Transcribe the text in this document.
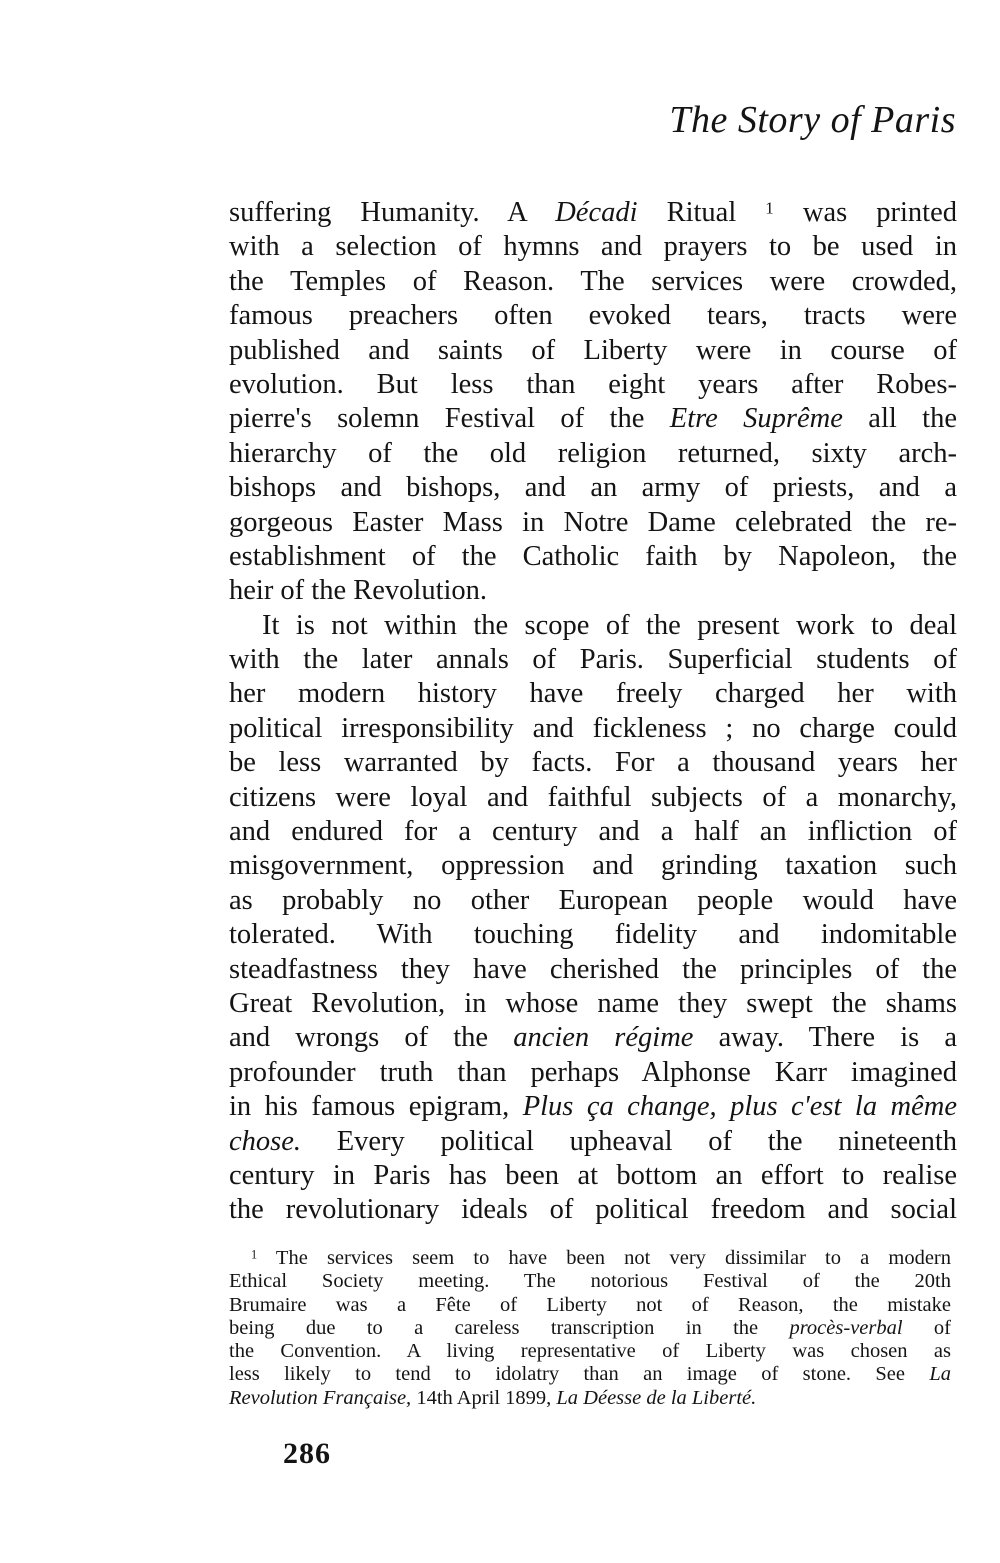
The Story of Paris
suffering Humanity. A Décadi Ritual $^1$ was printed
with a selection of hymns and prayers to be used in
the Temples of Reason. The services were crowded,
famous preachers often evoked tears, tracts were
published and saints of Liberty were in course of
evolution. But less than eight years after Robes-
pierre's solemn Festival of the Etre Suprême all the
hierarchy of the old religion returned, sixty arch-
bishops and bishops, and an army of priests, and a
gorgeous Easter Mass in Notre Dame celebrated the re-
establishment of the Catholic faith by Napoleon, the
heir of the Revolution.
It is not within the scope of the present work to deal
with the later annals of Paris. Superficial students of
her modern history have freely charged her with
political irresponsibility and fickleness ; no charge could
be less warranted by facts. For a thousand years her
citizens were loyal and faithful subjects of a monarchy,
and endured for a century and a half an infliction of
misgovernment, oppression and grinding taxation such
as probably no other European people would have
tolerated. With touching fidelity and indomitable
steadfastness they have cherished the principles of the
Great Revolution, in whose name they swept the shams
and wrongs of the ancien régime away. There is a
profounder truth than perhaps Alphonse Karr imagined
in his famous epigram, Plus ça change, plus c'est la même
chose. Every political upheaval of the nineteenth
century in Paris has been at bottom an effort to realise
the revolutionary ideals of political freedom and social
$^1$ The services seem to have been not very dissimilar to a modern
Ethical Society meeting. The notorious Festival of the 20th
Brumaire was a Fête of Liberty not of Reason, the mistake
being due to a careless transcription in the procès-verbal of
the Convention. A living representative of Liberty was chosen as
less likely to tend to idolatry than an image of stone. See La
Revolution Française, 14th April 1899, La Déesse de la Liberté.
286
